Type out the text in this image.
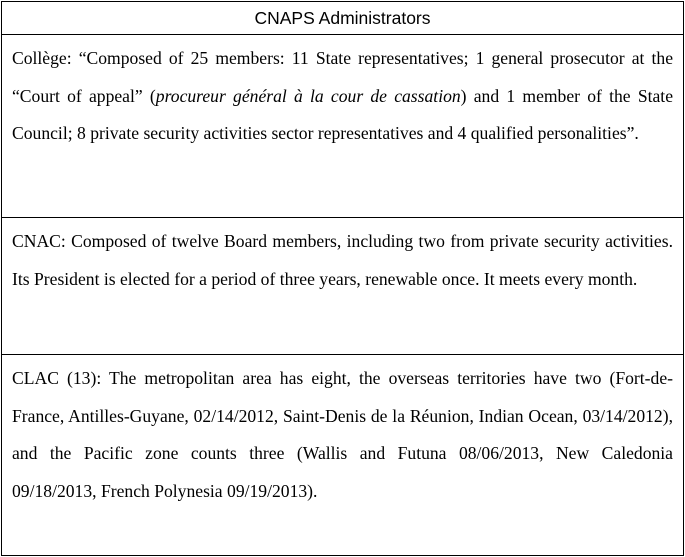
CNAPS Administrators

Collège: “Composed of 25 members: 11 State representatives; 1 general prosecutor at the “Court of appeal” (procureur général à la cour de cassation) and 1 member of the State Council; 8 private security activities sector representatives and 4 qualified personalities”.

CNAC: Composed of twelve Board members, including two from private security activities. Its President is elected for a period of three years, renewable once. It meets every month.

CLAC (13): The metropolitan area has eight, the overseas territories have two (Fort-de-France, Antilles-Guyane, 02/14/2012, Saint-Denis de la Réunion, Indian Ocean, 03/14/2012), and the Pacific zone counts three (Wallis and Futuna 08/06/2013, New Caledonia 09/18/2013, French Polynesia 09/19/2013).
